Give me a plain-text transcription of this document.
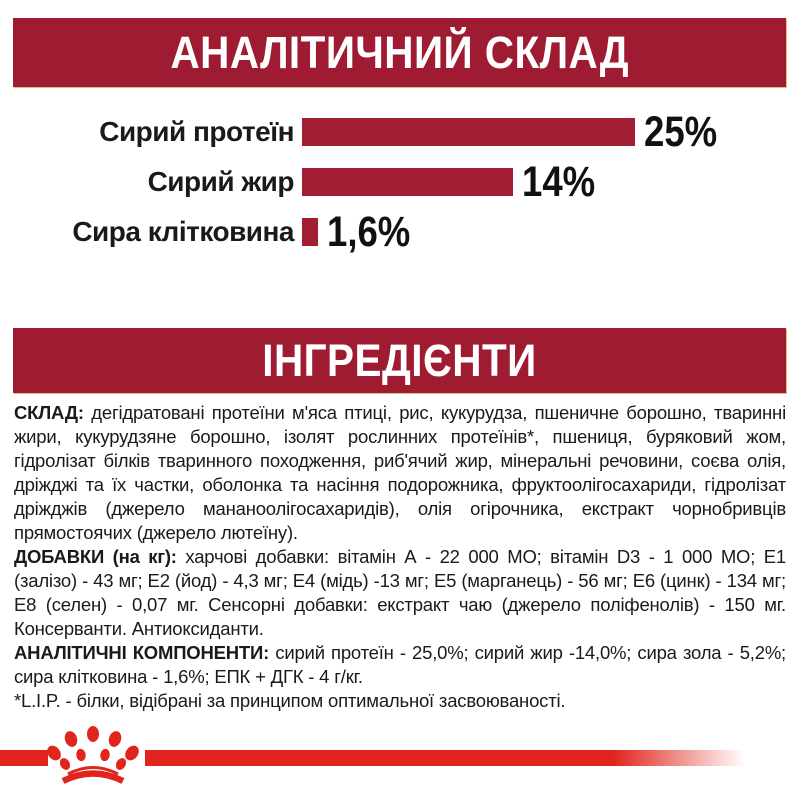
АНАЛІТИЧНИЙ СКЛАД
Сирий протеїн	25%
Сирий жир	14%
Сира клітковина 1,6%
ІНГРЕДІЄНТИ

СКЛАД: дегідратовані протеїни м'яса птиці, рис, кукурудза, пшеничне борошно, тваринні жири, кукурудзяне борошно, ізолят рослинних протеїнів*, пшениця, буряковий жом, гідролізат білків тваринного походження, риб'ячий жир, мінеральні речовини, соєва олія, дріжджі та їх частки, оболонка та насіння подорожника, фруктоолігосахариди, гідролізат дріжджів (джерело мананоолігосахаридів), олія огірочника, екстракт чорнобривців прямостоячих (джерело лютеїну).

ДОБАВКИ (на кг): харчові добавки: вітамін А - 22 000 МО; вітамін D3 - 1 000 МО; Е1 (залізо) - 43 мг; Е2 (йод) - 4,3 мг; Е4 (мідь) -13 мг; Е5 (марганець) - 56 мг; Е6 (цинк) - 134 мг; Е8 (селен) - 0,07 мг. Сенсорні добавки: екстракт чаю (джерело поліфенолів) - 150 мг. Консерванти. Антиоксиданти.

АНАЛІТИЧНІ КОМПОНЕНТИ: сирий протеїн - 25,0%; сирий жир -14,0%; сира зола - 5,2%; сира клітковина - 1,6%; ЕПК + ДГК - 4 г/кг.

*L.I.P. - білки, відібрані за принципом оптимальної засвоюваності.
